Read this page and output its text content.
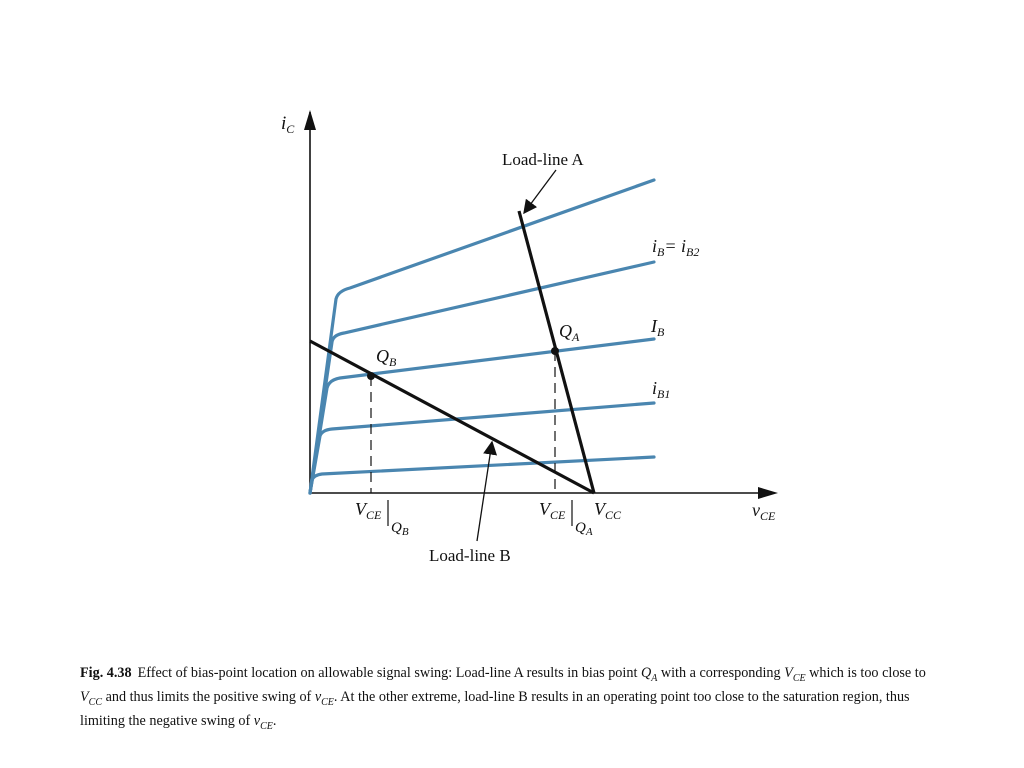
$i_C$
$v_{CE}$
Load-line A
Load-line B
$i_B= i_{B2}$
$I_B$
$i_{B1}$
$Q_A$
$Q_B$
$V_{CE}$
$Q_B$
$V_{CE}$
$Q_A$
$V_{CC}$
Fig. 4.38 Effect of bias-point location on allowable signal swing: Load-line A results in bias point $Q_A$ with a corresponding $V_{CE}$ which is too close to $V_{CC}$ and thus limits the positive swing of $v_{CE}$. At the other extreme, load-line B results in an operating point too close to the saturation region, thus limiting the negative swing of $v_{CE}$.
